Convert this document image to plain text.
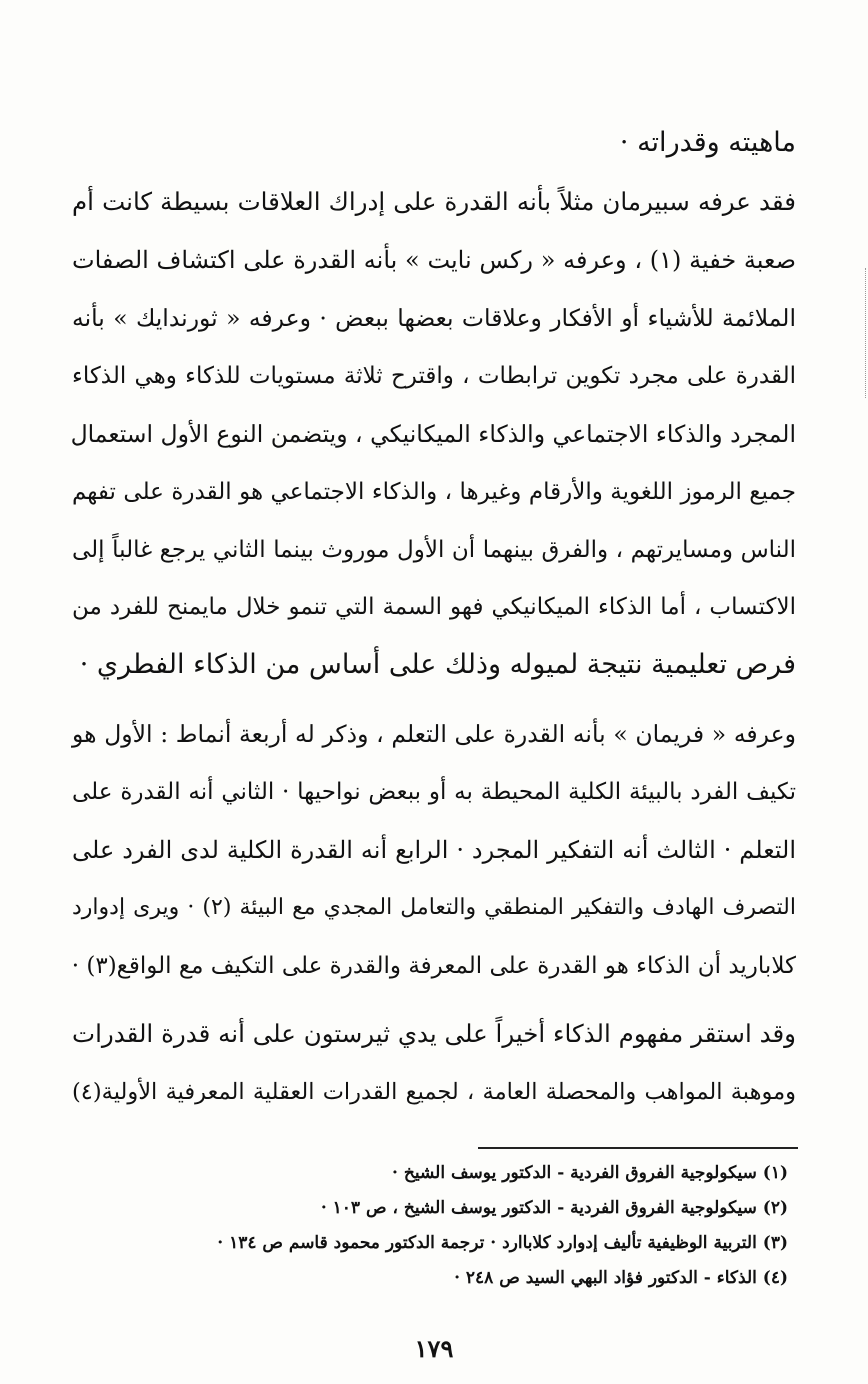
ماهيته وقدراته ·
فقد عرفه سبيرمان مثلاً بأنه القدرة على إدراك العلاقات بسيطة كانت أم
صعبة خفية (١) ، وعرفه « ركس نايت » بأنه القدرة على اكتشاف الصفات
الملائمة للأشياء أو الأفكار وعلاقات بعضها ببعض · وعرفه « ثورندايك » بأنه
القدرة على مجرد تكوين ترابطات ، واقترح ثلاثة مستويات للذكاء وهي الذكاء
المجرد والذكاء الاجتماعي والذكاء الميكانيكي ، ويتضمن النوع الأول استعمال
جميع الرموز اللغوية والأرقام وغيرها ، والذكاء الاجتماعي هو القدرة على تفهم
الناس ومسايرتهم ، والفرق بينهما أن الأول موروث بينما الثاني يرجع غالباً إلى
الاكتساب ، أما الذكاء الميكانيكي فهو السمة التي تنمو خلال مايمنح للفرد من
فرص تعليمية نتيجة لميوله وذلك على أساس من الذكاء الفطري ·
وعرفه « فريمان » بأنه القدرة على التعلم ، وذكر له أربعة أنماط : الأول هو
تكيف الفرد بالبيئة الكلية المحيطة به أو ببعض نواحيها · الثاني أنه القدرة على
التعلم · الثالث أنه التفكير المجرد · الرابع أنه القدرة الكلية لدى الفرد على
التصرف الهادف والتفكير المنطقي والتعامل المجدي مع البيئة (٢) · ويرى إدوارد
كلاباريد أن الذكاء هو القدرة على المعرفة والقدرة على التكيف مع الواقع(٣) ·
وقد استقر مفهوم الذكاء أخيراً على يدي ثيرستون على أنه قدرة القدرات
وموهبة المواهب والمحصلة العامة ، لجميع القدرات العقلية المعرفية الأولية(٤)
(١) سيكولوجية الفروق الفردية - الدكتور يوسف الشيخ ·
(٢) سيكولوجية الفروق الفردية - الدكتور يوسف الشيخ ، ص ١٠٣ ·
(٣) التربية الوظيفية تأليف إدوارد كلاباارد · ترجمة الدكتور محمود قاسم ص ١٣٤ ·
(٤) الذكاء - الدكتور فؤاد البهي السيد ص ٢٤٨ ·
١٧٩
